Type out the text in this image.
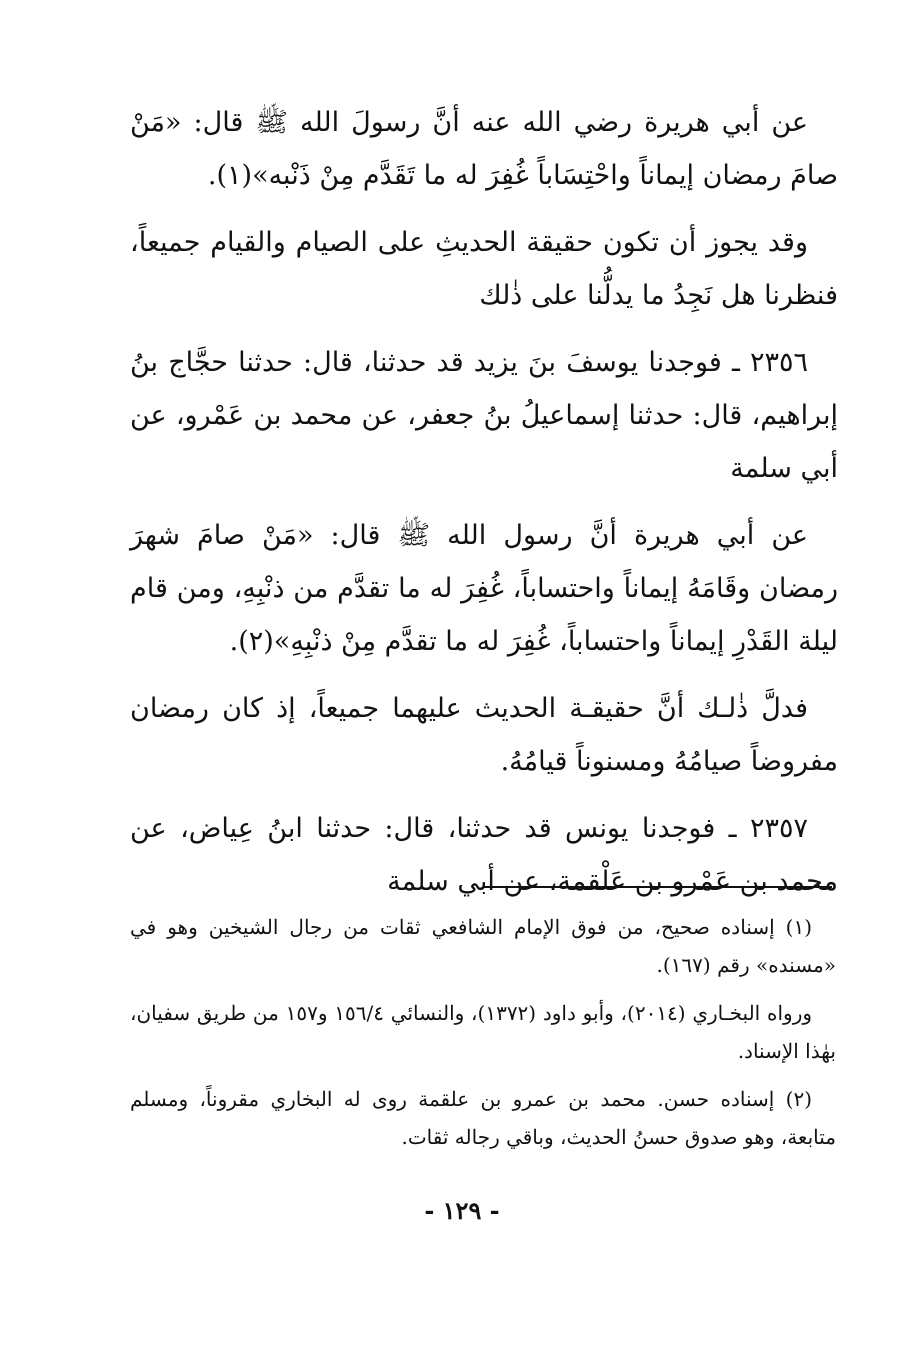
عن أبي هريرة رضي الله عنه أنَّ رسولَ الله ﷺ قال: «مَنْ صامَ رمضان إيماناً واحْتِسَاباً غُفِرَ له ما تَقَدَّم مِنْ ذَنْبه»(١).

وقد يجوز أن تكون حقيقة الحديثِ على الصيام والقيام جميعاً، فنظرنا هل نَجِدُ ما يدلُّنا على ذٰلك

٢٣٥٦ ـ فوجدنا يوسفَ بنَ يزيد قد حدثنا، قال: حدثنا حجَّاج بنُ إبراهيم، قال: حدثنا إسماعيلُ بنُ جعفر، عن محمد بن عَمْرو، عن أبي سلمة

عن أبي هريرة أنَّ رسول الله ﷺ قال: «مَنْ صامَ شهرَ رمضان وقَامَهُ إيماناً واحتساباً، غُفِرَ له ما تقدَّم من ذنْبِهِ، ومن قام ليلة القَدْرِ إيماناً واحتساباً، غُفِرَ له ما تقدَّم مِنْ ذنْبِهِ»(٢).

فدلَّ ذٰلـك أنَّ حقيقـة الحديث عليهما جميعاً، إذ كان رمضان مفروضاً صيامُهُ ومسنوناً قيامُهُ.

٢٣٥٧ ـ فوجدنا يونس قد حدثنا، قال: حدثنا ابنُ عِياض، عن محمد بن عَمْرو بن عَلْقمة، عن أبي سلمة

(١) إسناده صحيح، من فوق الإمام الشافعي ثقات من رجال الشيخين وهو في «مسنده» رقم (١٦٧).

ورواه البخـاري (٢٠١٤)، وأبو داود (١٣٧٢)، والنسائي ١٥٦/٤ و١٥٧ من طريق سفيان، بهٰذا الإسناد.

(٢) إسناده حسن. محمد بن عمرو بن علقمة روى له البخاري مقروناً، ومسلم متابعة، وهو صدوق حسنُ الحديث، وباقي رجاله ثقات.

- ١٢٩ -
